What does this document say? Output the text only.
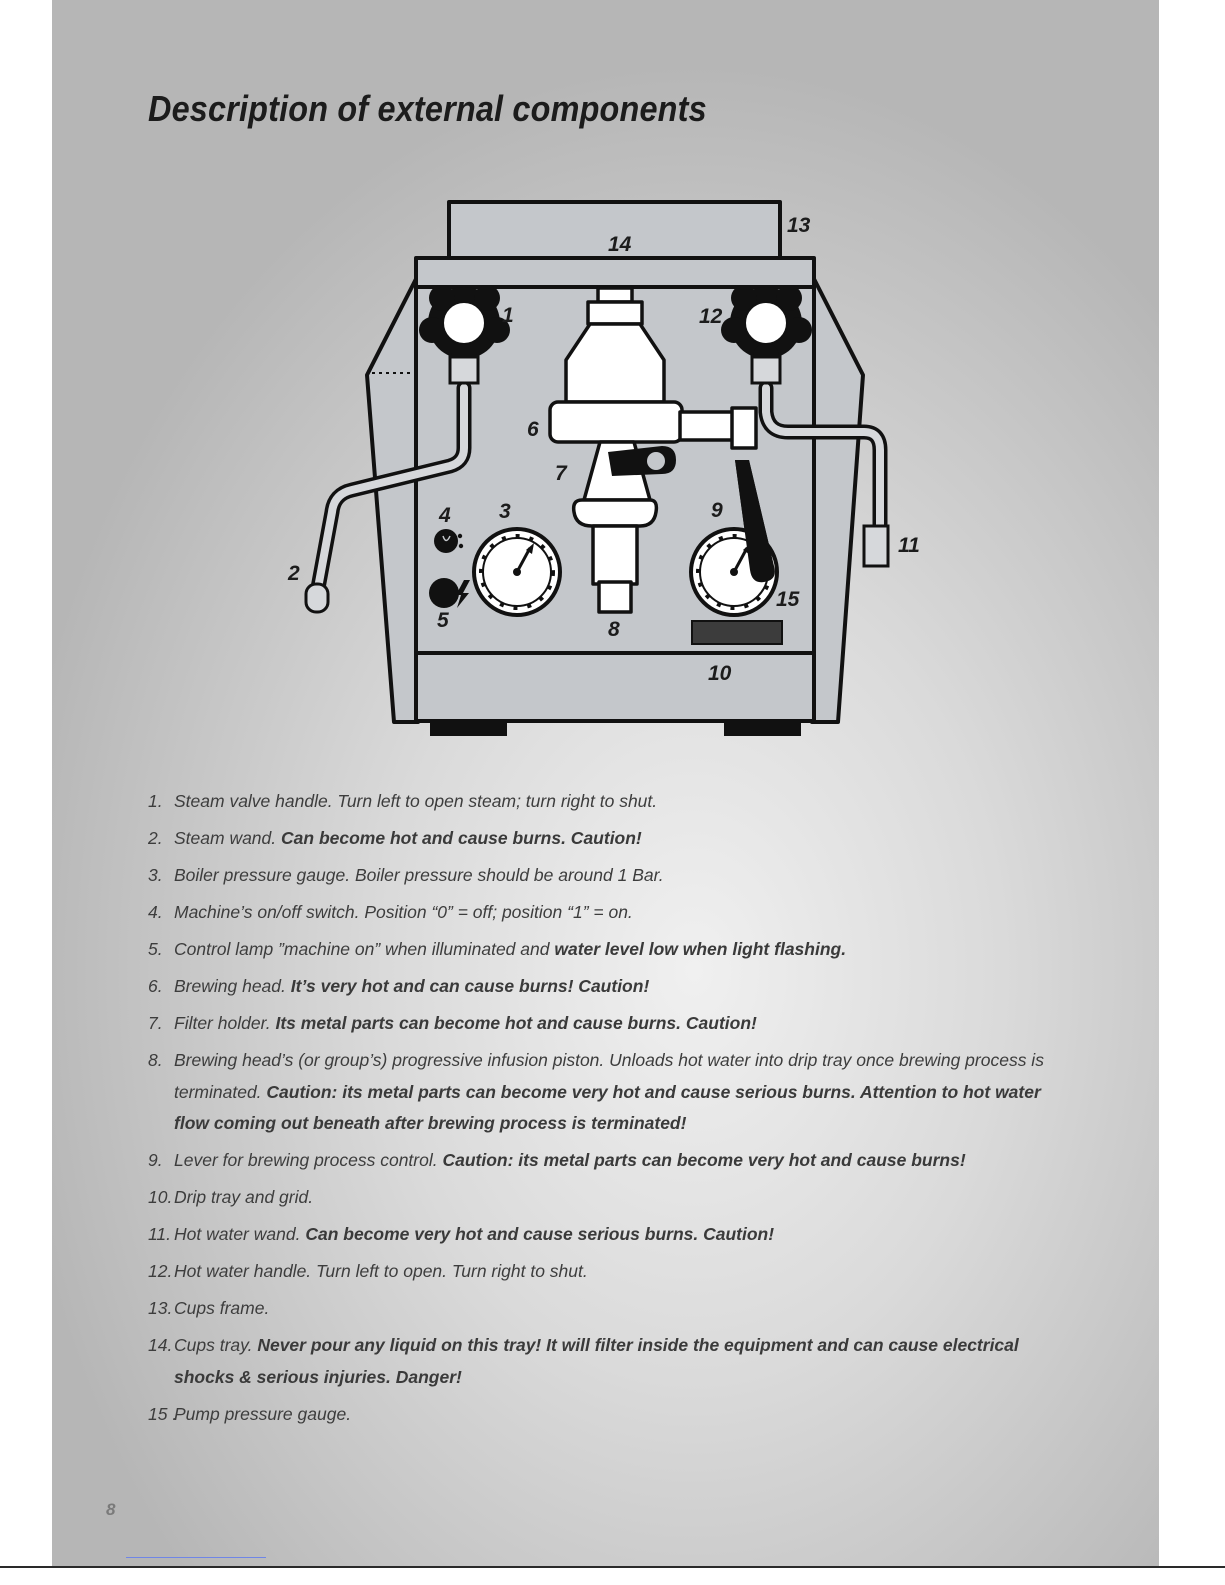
Description of external components
1
2
3
4
5
6
7
8
9
10
11
12
13
14
15
1. Steam valve handle. Turn left to open steam; turn right to shut.
2. Steam wand. Can become hot and cause burns. Caution!
3. Boiler pressure gauge. Boiler pressure should be around 1 Bar.
4. Machine’s on/off switch. Position “0” = off; position “1” = on.
5. Control lamp ”machine on” when illuminated and water level low when light flashing.
6. Brewing head. It’s very hot and can cause burns! Caution!
7. Filter holder. Its metal parts can become hot and cause burns. Caution!
8. Brewing head’s (or group’s) progressive infusion piston. Unloads hot water into drip tray once brewing process is terminated. Caution: its metal parts can become very hot and cause serious burns. Attention to hot water flow coming out beneath after brewing process is terminated!
9. Lever for brewing process control. Caution: its metal parts can become very hot and cause burns!
10. Drip tray and grid.
11. Hot water wand. Can become very hot and cause serious burns. Caution!
12. Hot water handle. Turn left to open. Turn right to shut.
13. Cups frame.
14. Cups tray. Never pour any liquid on this tray! It will filter inside the equipment and can cause electrical shocks & serious injuries. Danger!
15 .
Pump pressure gauge.
8
